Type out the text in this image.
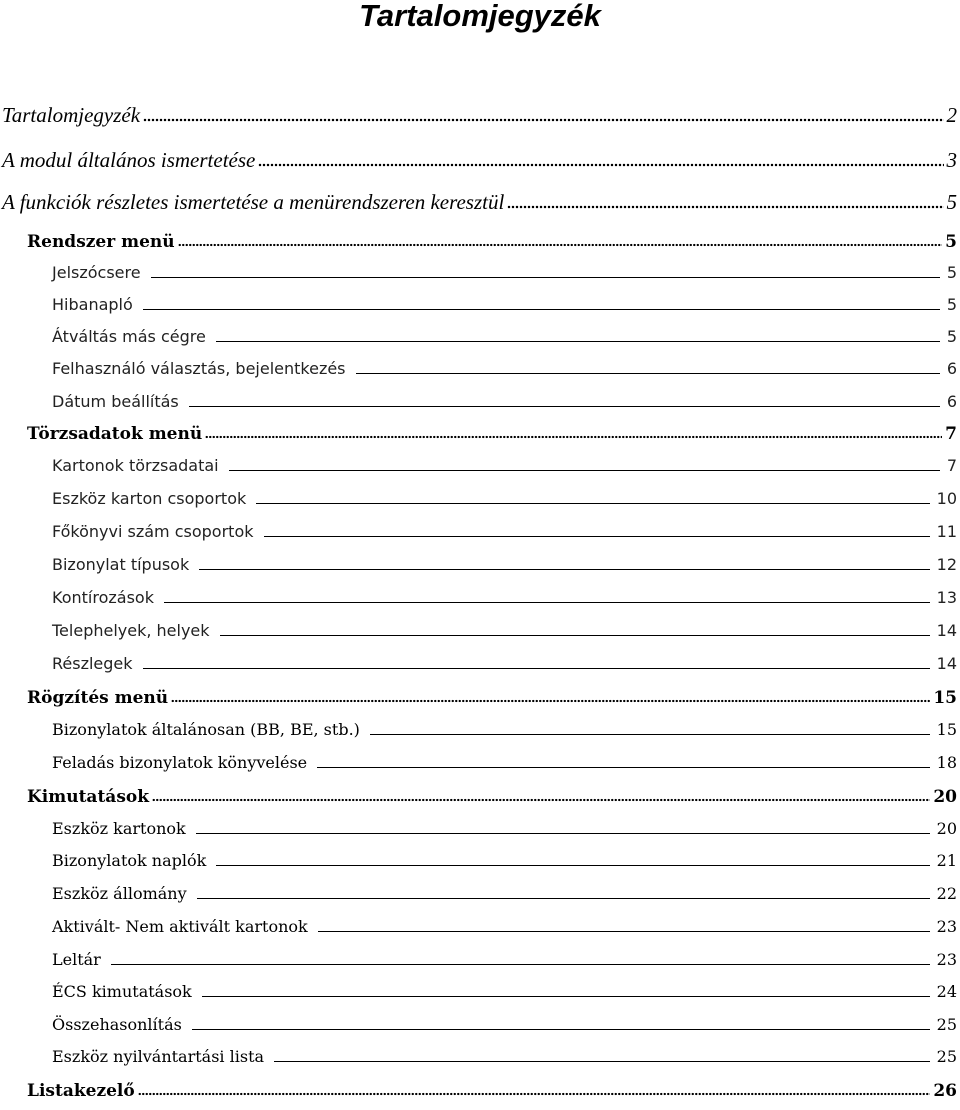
Tartalomjegyzék
Tartalomjegyzék	2
A modul általános ismertetése	3
A funkciók részletes ismertetése a menürendszeren keresztül	5
Rendszer menü	5
Jelszócsere	5
Hibanapló	5
Átváltás más cégre	5
Felhasználó választás, bejelentkezés	6
Dátum beállítás	6
Törzsadatok menü	7
Kartonok törzsadatai	7
Eszköz karton csoportok	10
Főkönyvi szám csoportok	11
Bizonylat típusok	12
Kontírozások	13
Telephelyek, helyek	14
Részlegek	14
Rögzítés menü	15
Bizonylatok általánosan (BB, BE, stb.)	15
Feladás bizonylatok könyvelése	18
Kimutatások	20
Eszköz kartonok	20
Bizonylatok naplók	21
Eszköz állomány	22
Aktivált- Nem aktivált kartonok	23
Leltár	23
ÉCS kimutatások	24
Összehasonlítás	25
Eszköz nyilvántartási lista	25
Listakezelő	26
